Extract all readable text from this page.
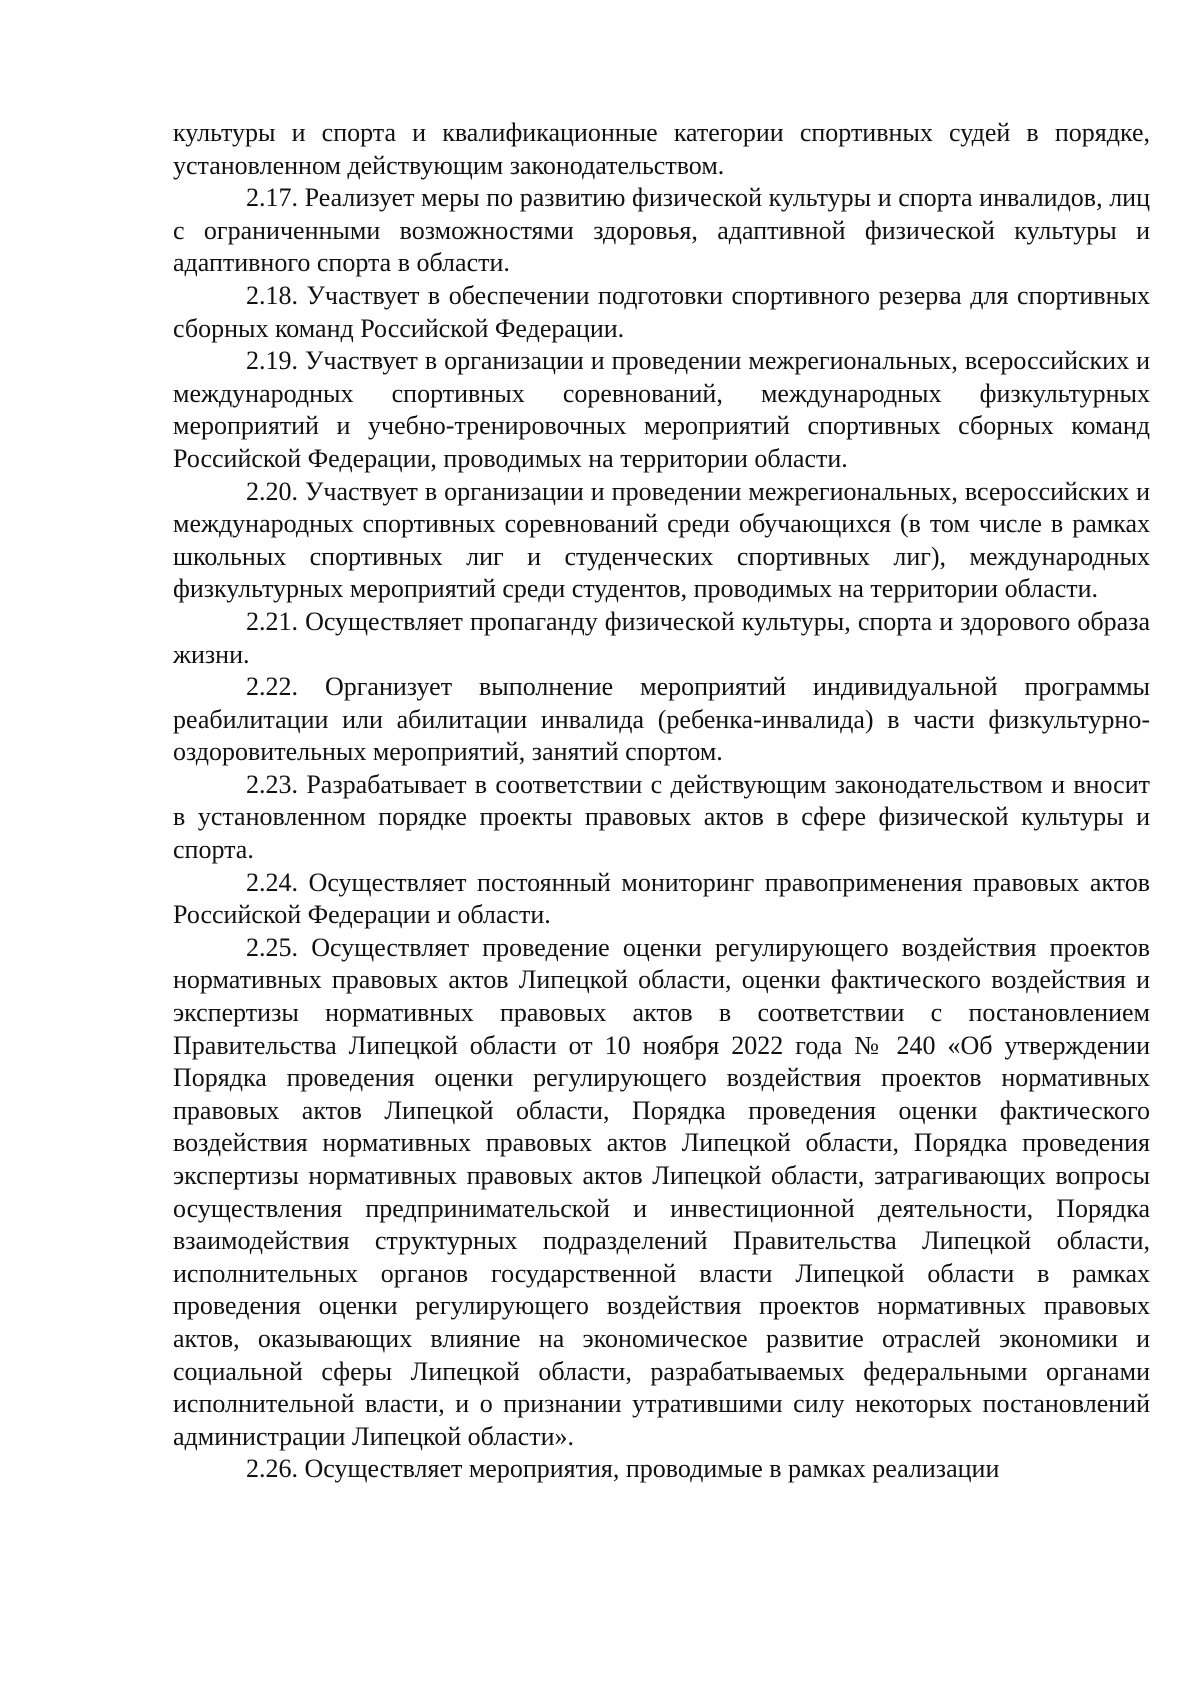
культуры и спорта и квалификационные категории спортивных судей в порядке, установленном действующим законодательством.

2.17. Реализует меры по развитию физической культуры и спорта инвалидов, лиц с ограниченными возможностями здоровья, адаптивной физической культуры и адаптивного спорта в области.

2.18. Участвует в обеспечении подготовки спортивного резерва для спортивных сборных команд Российской Федерации.

2.19. Участвует в организации и проведении межрегиональных, всероссийских и международных спортивных соревнований, международных физкультурных мероприятий и учебно-тренировочных мероприятий спортивных сборных команд Российской Федерации, проводимых на территории области.

2.20. Участвует в организации и проведении межрегиональных, всероссийских и международных спортивных соревнований среди обучающихся (в том числе в рамках школьных спортивных лиг и студенческих спортивных лиг), международных физкультурных мероприятий среди студентов, проводимых на территории области.

2.21. Осуществляет пропаганду физической культуры, спорта и здорового образа жизни.

2.22. Организует выполнение мероприятий индивидуальной программы реабилитации или абилитации инвалида (ребенка-инвалида) в части физкультурно-оздоровительных мероприятий, занятий спортом.

2.23. Разрабатывает в соответствии с действующим законодательством и вносит в установленном порядке проекты правовых актов в сфере физической культуры и спорта.

2.24. Осуществляет постоянный мониторинг правоприменения правовых актов Российской Федерации и области.

2.25. Осуществляет проведение оценки регулирующего воздействия проектов нормативных правовых актов Липецкой области, оценки фактического воздействия и экспертизы нормативных правовых актов в соответствии с постановлением Правительства Липецкой области от 10 ноября 2022 года № 240 «Об утверждении Порядка проведения оценки регулирующего воздействия проектов нормативных правовых актов Липецкой области, Порядка проведения оценки фактического воздействия нормативных правовых актов Липецкой области, Порядка проведения экспертизы нормативных правовых актов Липецкой области, затрагивающих вопросы осуществления предпринимательской и инвестиционной деятельности, Порядка взаимодействия структурных подразделений Правительства Липецкой области, исполнительных органов государственной власти Липецкой области в рамках проведения оценки регулирующего воздействия проектов нормативных правовых актов, оказывающих влияние на экономическое развитие отраслей экономики и социальной сферы Липецкой области, разрабатываемых федеральными органами исполнительной власти, и о признании утратившими силу некоторых постановлений администрации Липецкой области».

2.26. Осуществляет мероприятия, проводимые в рамках реализации
